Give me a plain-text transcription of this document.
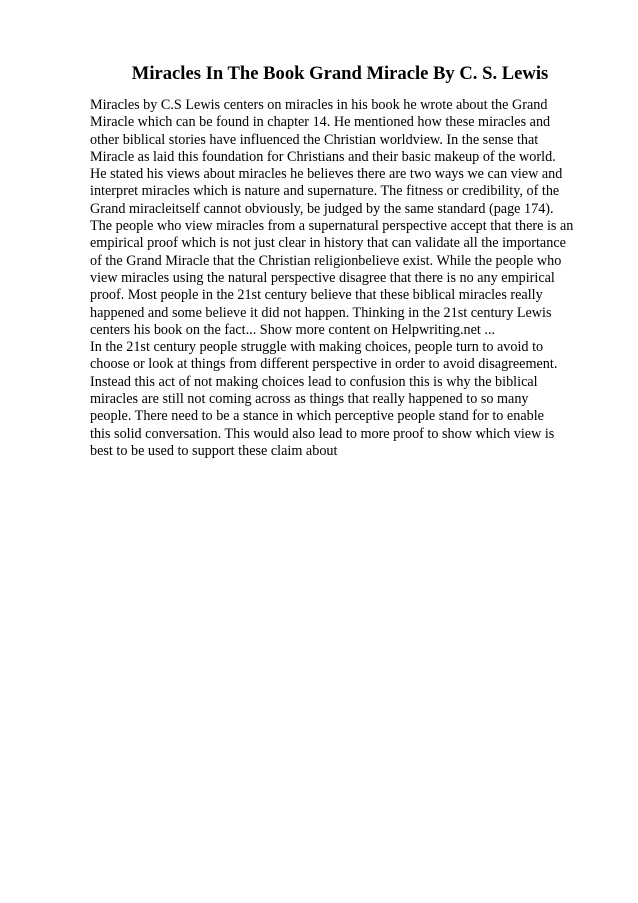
Miracles In The Book Grand Miracle By C. S. Lewis
Miracles by C.S Lewis centers on miracles in his book he wrote about the Grand
Miracle which can be found in chapter 14. He mentioned how these miracles and
other biblical stories have influenced the Christian worldview. In the sense that
Miracle as laid this foundation for Christians and their basic makeup of the world.
He stated his views about miracles he believes there are two ways we can view and
interpret miracles which is nature and supernature. The fitness or credibility, of the
Grand miracleitself cannot obviously, be judged by the same standard (page 174).
The people who view miracles from a supernatural perspective accept that there is an
empirical proof which is not just clear in history that can validate all the importance
of the Grand Miracle that the Christian religionbelieve exist. While the people who
view miracles using the natural perspective disagree that there is no any empirical
proof. Most people in the 21st century believe that these biblical miracles really
happened and some believe it did not happen. Thinking in the 21st century Lewis
centers his book on the fact... Show more content on Helpwriting.net ...
In the 21st century people struggle with making choices, people turn to avoid to
choose or look at things from different perspective in order to avoid disagreement.
Instead this act of not making choices lead to confusion this is why the biblical
miracles are still not coming across as things that really happened to so many
people. There need to be a stance in which perceptive people stand for to enable
this solid conversation. This would also lead to more proof to show which view is
best to be used to support these claim about
